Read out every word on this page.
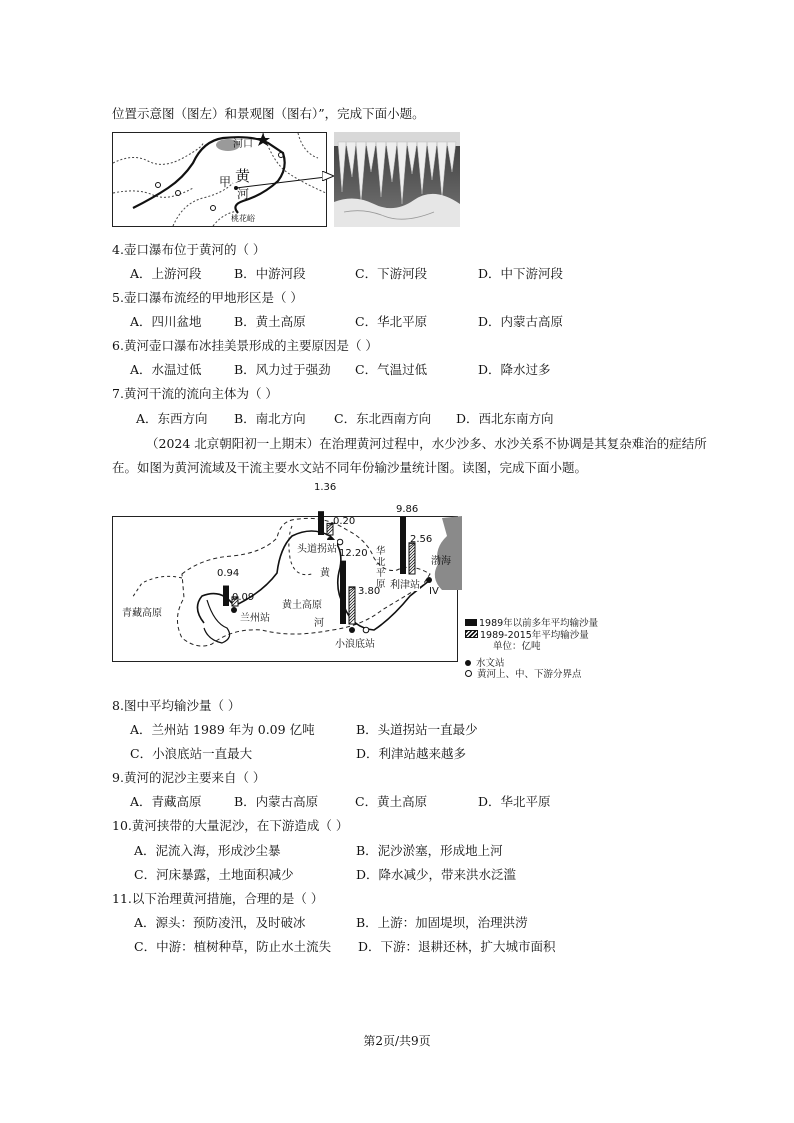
位置示意图（图左）和景观图（图右）”，完成下面小题。
黄
河
甲
河口
桃花峪
4.壶口瀑布位于黄河的（ ）
A．上游河段	B．中游河段	C．下游河段	D．中下游河段
5.壶口瀑布流经的甲地形区是（ ）
A．四川盆地	B．黄土高原	C．华北平原	D．内蒙古高原
6.黄河壶口瀑布冰挂美景形成的主要原因是（ ）
A．水温过低	B．风力过于强劲 C．气温过低	D．降水过多
7.黄河干流的流向主体为（ ）
A．东西方向 B．南北方向 C．东北西南方向 D．西北东南方向
（2024 北京朝阳初一上期末）在治理黄河过程中，水少沙多、水沙关系不协调是其复杂难治的症结所
在。如图为黄河流域及干流主要水文站不同年份输沙量统计图。读图，完成下面小题。
青藏高原
黄土高原
黄
河
华
北
平
原
渤海
IV
兰州站
头道拐站
小浪底站
利津站
0.94
0.09
1.36
0.20
12.20
3.80
9.86
2.56
1989年以前多年平均输沙量
1989-2015年平均输沙量
单位：亿吨
水文站
黄河上、中、下游分界点
8.图中平均输沙量（ ）
A．兰州站 1989 年为 0.09 亿吨	B．头道拐站一直最少
C．小浪底站一直最大	D．利津站越来越多
9.黄河的泥沙主要来自（ ）
A．青藏高原	B．内蒙古高原	C．黄土高原	D．华北平原
10.黄河挟带的大量泥沙，在下游造成（ ）
A．泥流入海，形成沙尘暴	B．泥沙淤塞，形成地上河
C．河床暴露，土地面积减少	D．降水减少，带来洪水泛滥
11.以下治理黄河措施，合理的是（ ）
A．源头：预防凌汛，及时破冰	B．上游：加固堤坝，治理洪涝
C．中游：植树种草，防止水土流失 D．下游：退耕还林，扩大城市面积
第2页/共9页
